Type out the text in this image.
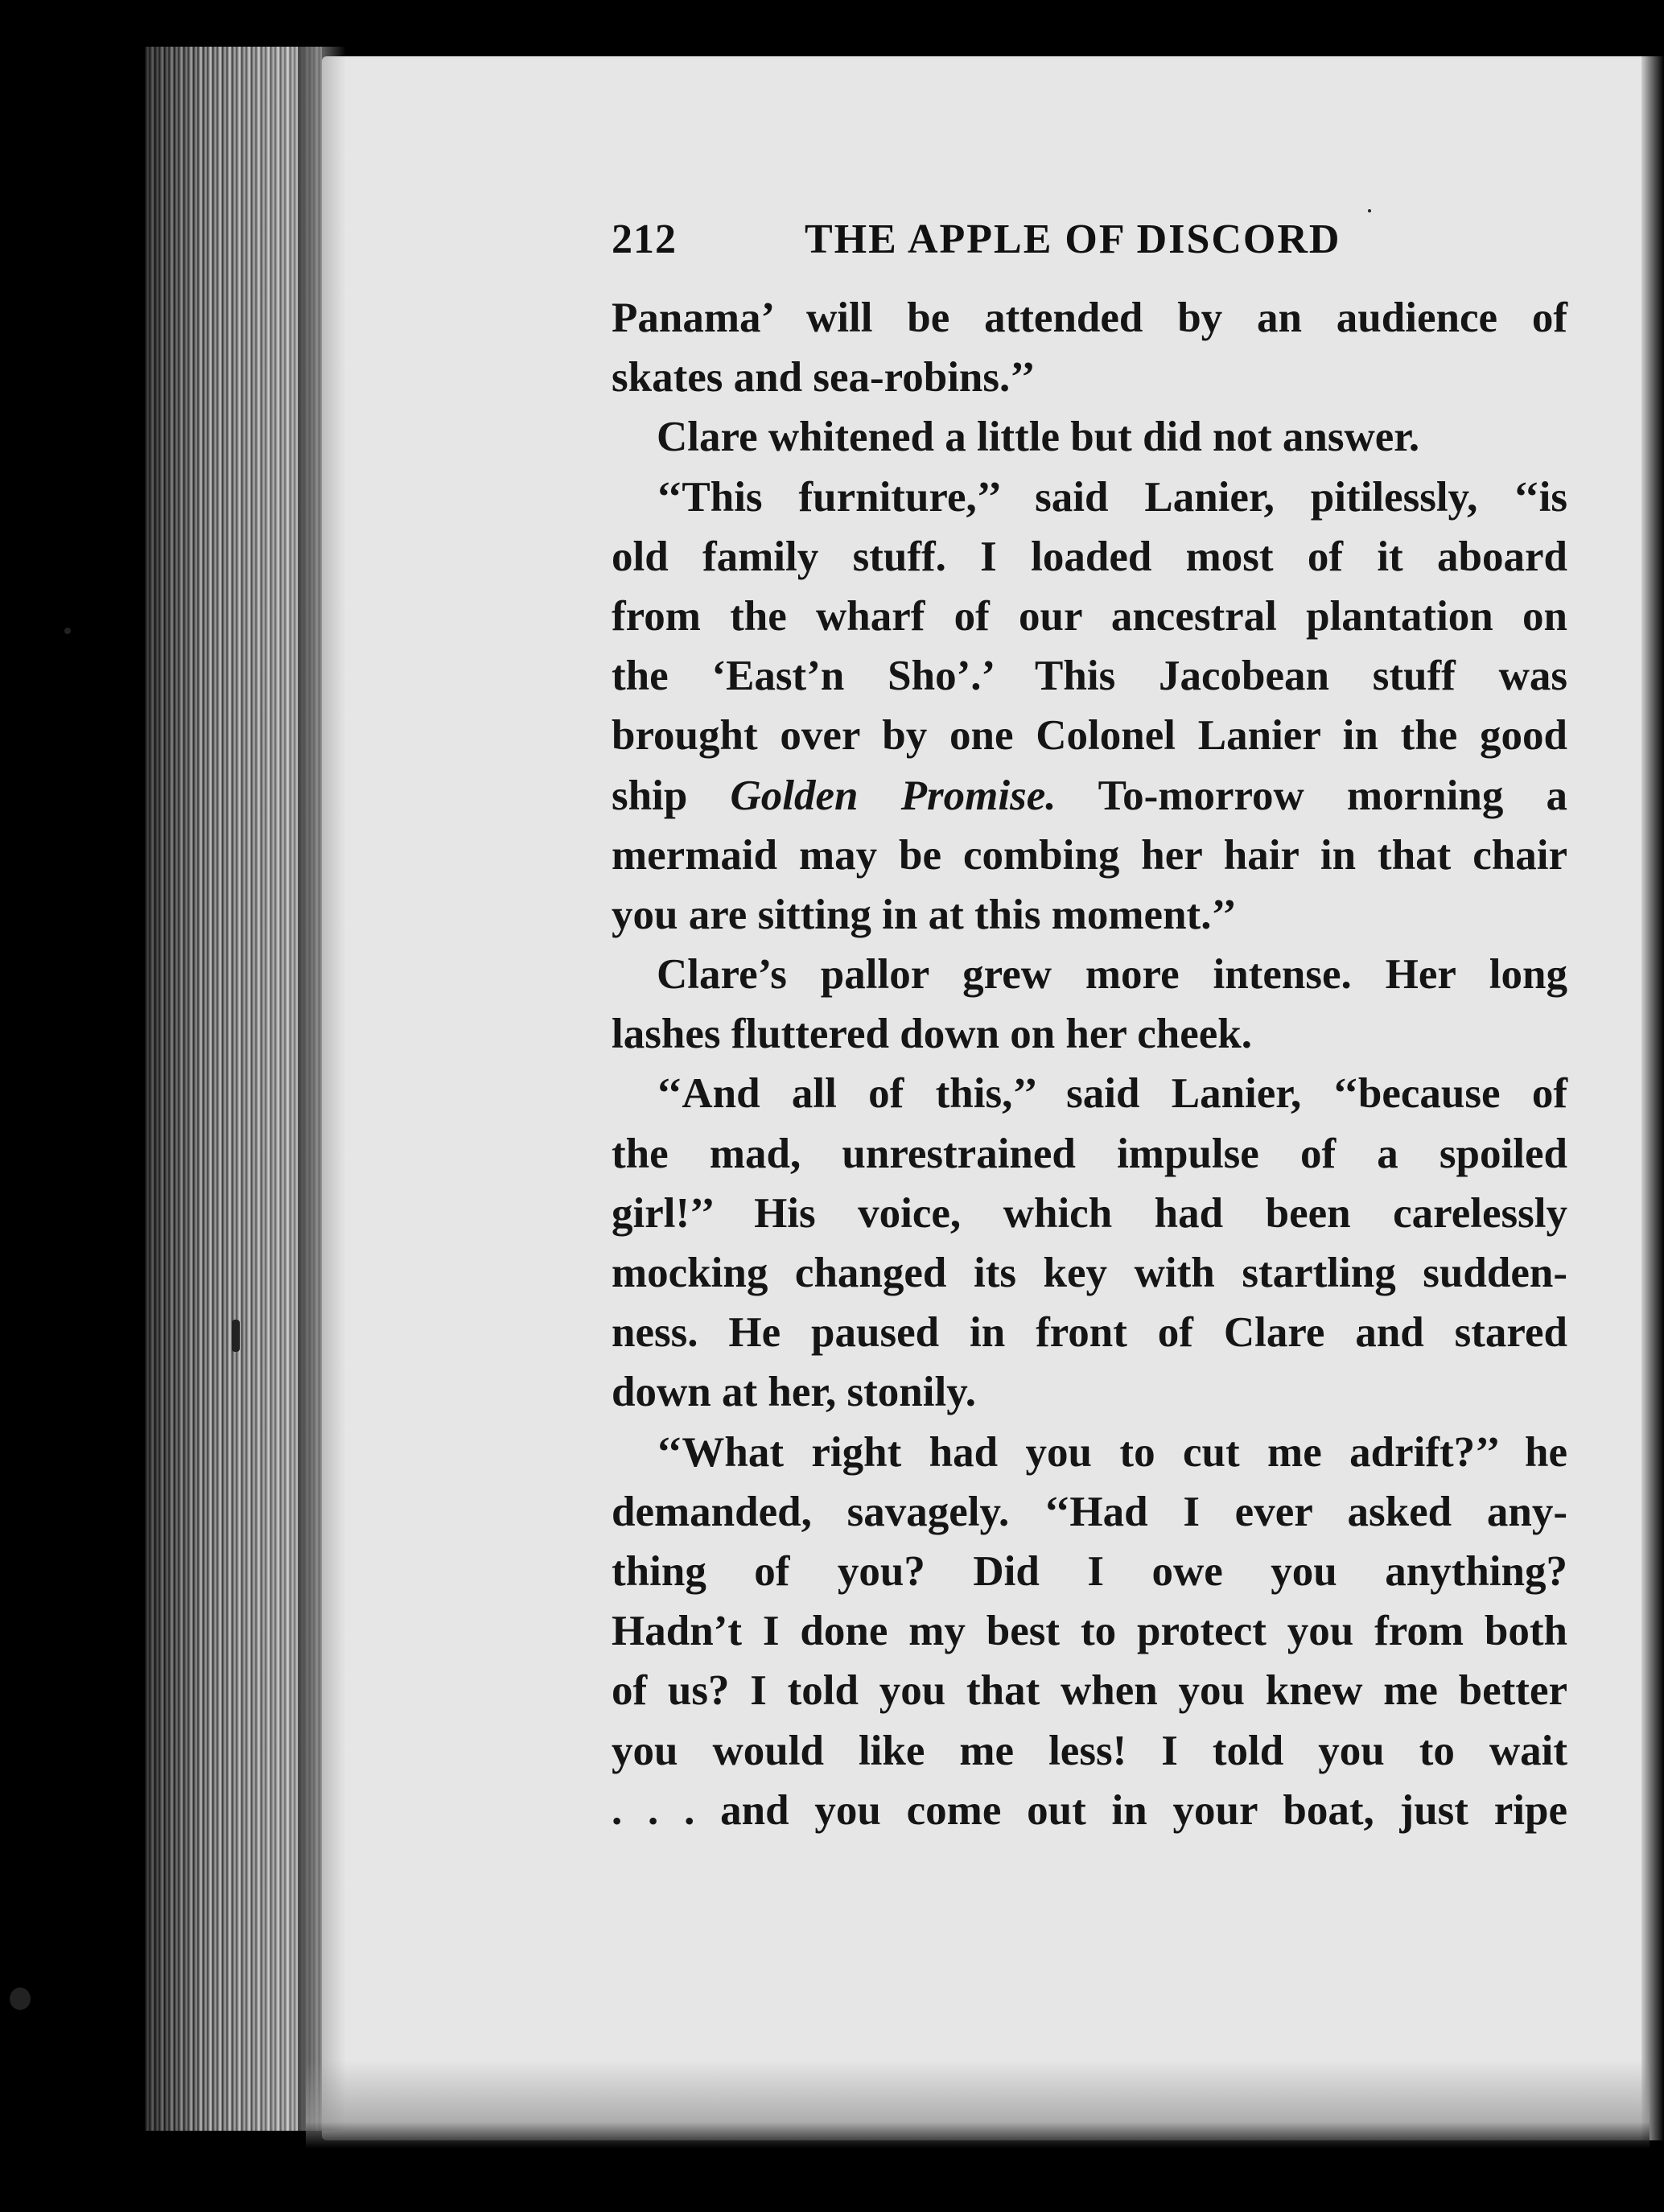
212	THE APPLE OF DISCORD
Panama’ will be attended by an audience of
skates and sea-robins.’’
Clare whitened a little but did not answer.
‘‘This furniture,’’ said Lanier, pitilessly, ‘‘is
old family stuff. I loaded most of it aboard
from the wharf of our ancestral plantation on
the ‘East’n Sho’.’ This Jacobean stuff was
brought over by one Colonel Lanier in the good
ship Golden Promise. To-morrow morning a
mermaid may be combing her hair in that chair
you are sitting in at this moment.’’
Clare’s pallor grew more intense. Her long
lashes fluttered down on her cheek.
‘‘And all of this,’’ said Lanier, ‘‘because of
the mad, unrestrained impulse of a spoiled
girl!’’ His voice, which had been carelessly
mocking changed its key with startling sudden-
ness. He paused in front of Clare and stared
down at her, stonily.
‘‘What right had you to cut me adrift?’’ he
demanded, savagely. ‘‘Had I ever asked any-
thing of you? Did I owe you anything?
Hadn’t I done my best to protect you from both
of us? I told you that when you knew me better
you would like me less! I told you to wait
. . . and you come out in your boat, just ripe
